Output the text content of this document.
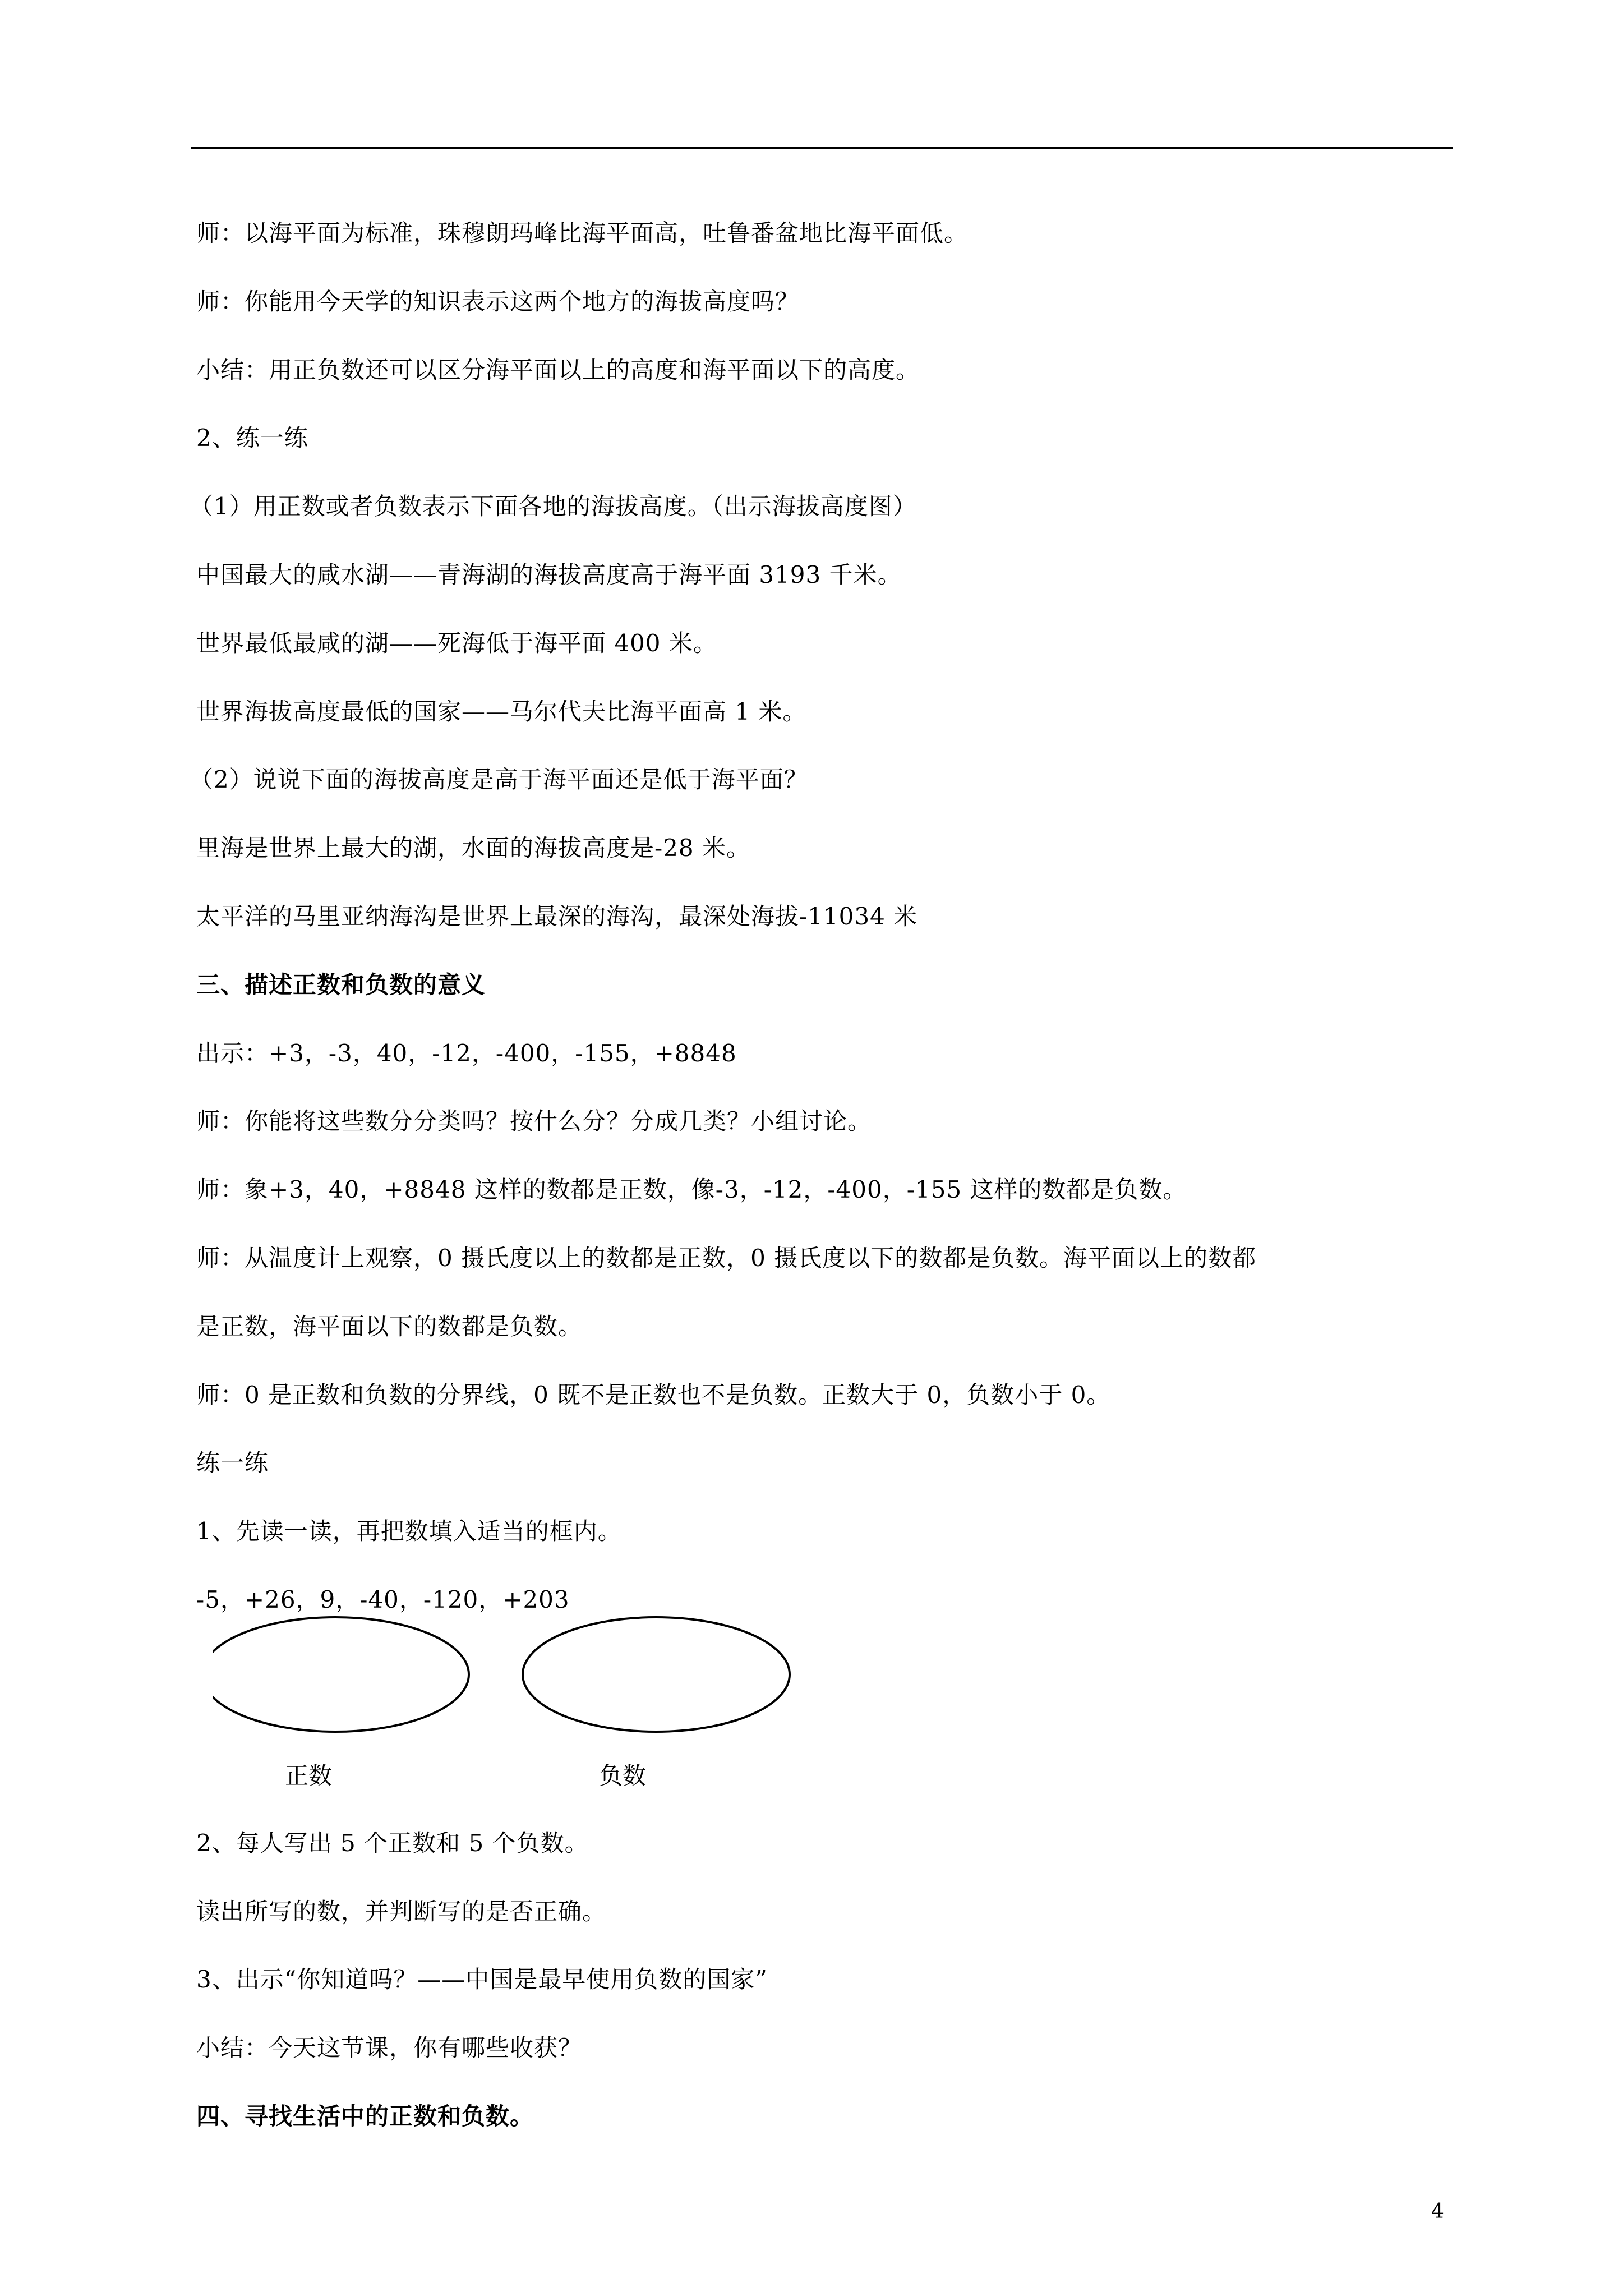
师：以海平面为标准，珠穆朗玛峰比海平面高，吐鲁番盆地比海平面低。
师：你能用今天学的知识表示这两个地方的海拔高度吗？
小结：用正负数还可以区分海平面以上的高度和海平面以下的高度。
2、练一练
（1）用正数或者负数表示下面各地的海拔高度。（出示海拔高度图）
中国最大的咸水湖——青海湖的海拔高度高于海平面 3193 千米。
世界最低最咸的湖——死海低于海平面 400 米。
世界海拔高度最低的国家——马尔代夫比海平面高 1 米。
（2）说说下面的海拔高度是高于海平面还是低于海平面？
里海是世界上最大的湖，水面的海拔高度是-28 米。
太平洋的马里亚纳海沟是世界上最深的海沟，最深处海拔-11034 米
三、描述正数和负数的意义
出示：+3，-3，40，-12，-400，-155，+8848
师：你能将这些数分分类吗？按什么分？分成几类？小组讨论。
师：象+3，40，+8848 这样的数都是正数，像-3，-12，-400，-155 这样的数都是负数。
师：从温度计上观察，0 摄氏度以上的数都是正数，0 摄氏度以下的数都是负数。海平面以上的数都
是正数，海平面以下的数都是负数。
师：0 是正数和负数的分界线，0 既不是正数也不是负数。正数大于 0，负数小于 0。
练一练
1、先读一读，再把数填入适当的框内。
-5，+26，9，-40，-120，+203
正数	负数
2、每人写出 5 个正数和 5 个负数。
读出所写的数，并判断写的是否正确。
3、出示“你知道吗？——中国是最早使用负数的国家”
小结：今天这节课，你有哪些收获？
四、寻找生活中的正数和负数。
4
